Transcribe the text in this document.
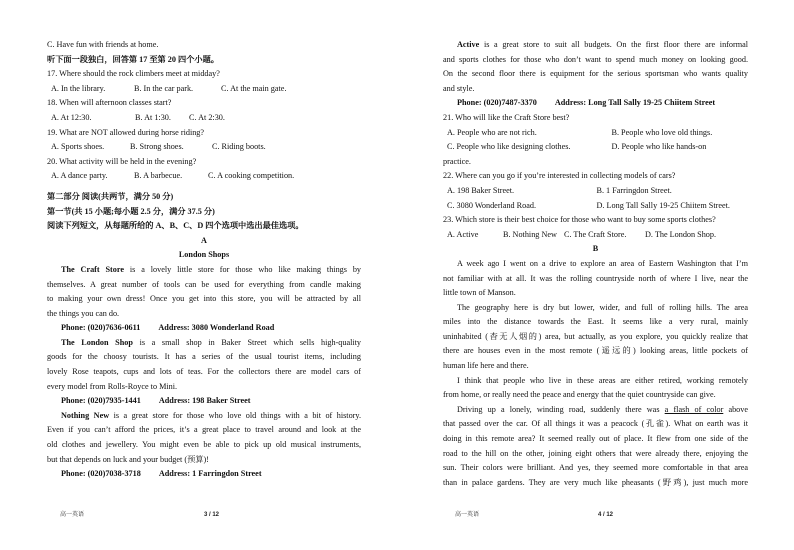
C. Have fun with friends at home.

听下面一段独白，回答第 17 至第 20 四个小题。

17. Where should the rock climbers meet at midday?

A. In the library.	B. In the car park.	C. At the main gate.

18. When will afternoon classes start?

A. At 12:30.	B. At 1:30.	C. At 2:30.

19. What are NOT allowed during horse riding?

A. Sports shoes.	B. Strong shoes.	C. Riding boots.

20. What activity will be held in the evening?

A. A dance party.	B. A barbecue.	C. A cooking competition.

第二部分 阅读(共两节，满分 50 分)

第一节(共 15 小题;每小题 2.5 分，满分 37.5 分)

阅读下列短文，从每题所给的 A、B、C、D 四个选项中选出最佳选项。

A

London Shops

The Craft Store is a lovely little store for those who like making things by

themselves. A great number of tools can be used for everything from candle making

to making your own dress! Once you get into this store, you will be attracted by all

the things you can do.

Phone: (020)7636-0611 Address: 3080 Wonderland Road

The London Shop is a small shop in Baker Street which sells high-quality

goods for the choosy tourists. It has a series of the usual tourist items, including

lovely Rose teapots, cups and lots of teas. For the collectors there are model cars of

every model from Rolls-Royce to Mini.

Phone: (020)7935-1441 Address: 198 Baker Street

Nothing New is a great store for those who love old things with a bit of history.

Even if you can’t afford the prices, it’s a great place to travel around and look at the

old clothes and jewellery. You might even be able to pick up old musical instruments,

but that depends on luck and your budget (预算)!

Phone: (020)7038-3718 Address: 1 Farringdon Street

Active is a great store to suit all budgets. On the first floor there are informal

and sports clothes for those who don’t want to spend much money on looking good.

On the second floor there is equipment for the serious sportsman who wants quality

and style.

Phone: (020)7487-3370 Address: Long Tall Sally 19-25 Chiitem Street

21. Who will like the Craft Store best?

A. People who are not rich.	B. People who love old things.
C. People who like designing clothes.	D. People who like hands-on

practice.

22. Where can you go if you’re interested in collecting models of cars?

A. 198 Baker Street.	B. 1 Farringdon Street.
C. 3080 Wonderland Road.	D. Long Tall Sally 19-25 Chiitem Street.

23. Which store is their best choice for those who want to buy some sports clothes?

A. Active	B. Nothing New C. The Craft Store.	D. The London Shop.

B

A week ago I went on a drive to explore an area of Eastern Washington that I’m

not familiar with at all. It was the rolling countryside north of where I live, near the

little town of Manson.

The geography here is dry but lower, wider, and full of rolling hills. The area

miles into the distance towards the East. It seems like a very rural, mainly

uninhabited (杳无人烟的) area, but actually, as you explore, you quickly realize that

there are houses even in the most remote (遥远的) looking areas, little pockets of

human life here and there.

I think that people who live in these areas are either retired, working remotely

from home, or really need the peace and energy that the quiet countryside can give.

Driving up a lonely, winding road, suddenly there was a flash of color above

that passed over the car. Of all things it was a peacock (孔雀). What on earth was it

doing in this remote area? It seemed really out of place. It flew from one side of the

road to the hill on the other, joining eight others that were already there, enjoying the

sun. Their colors were brilliant. And yes, they seemed more comfortable in that area

than in palace gardens. They are very much like pheasants (野鸡), just much more

高一英语	3 / 12	高一英语	4 / 12
